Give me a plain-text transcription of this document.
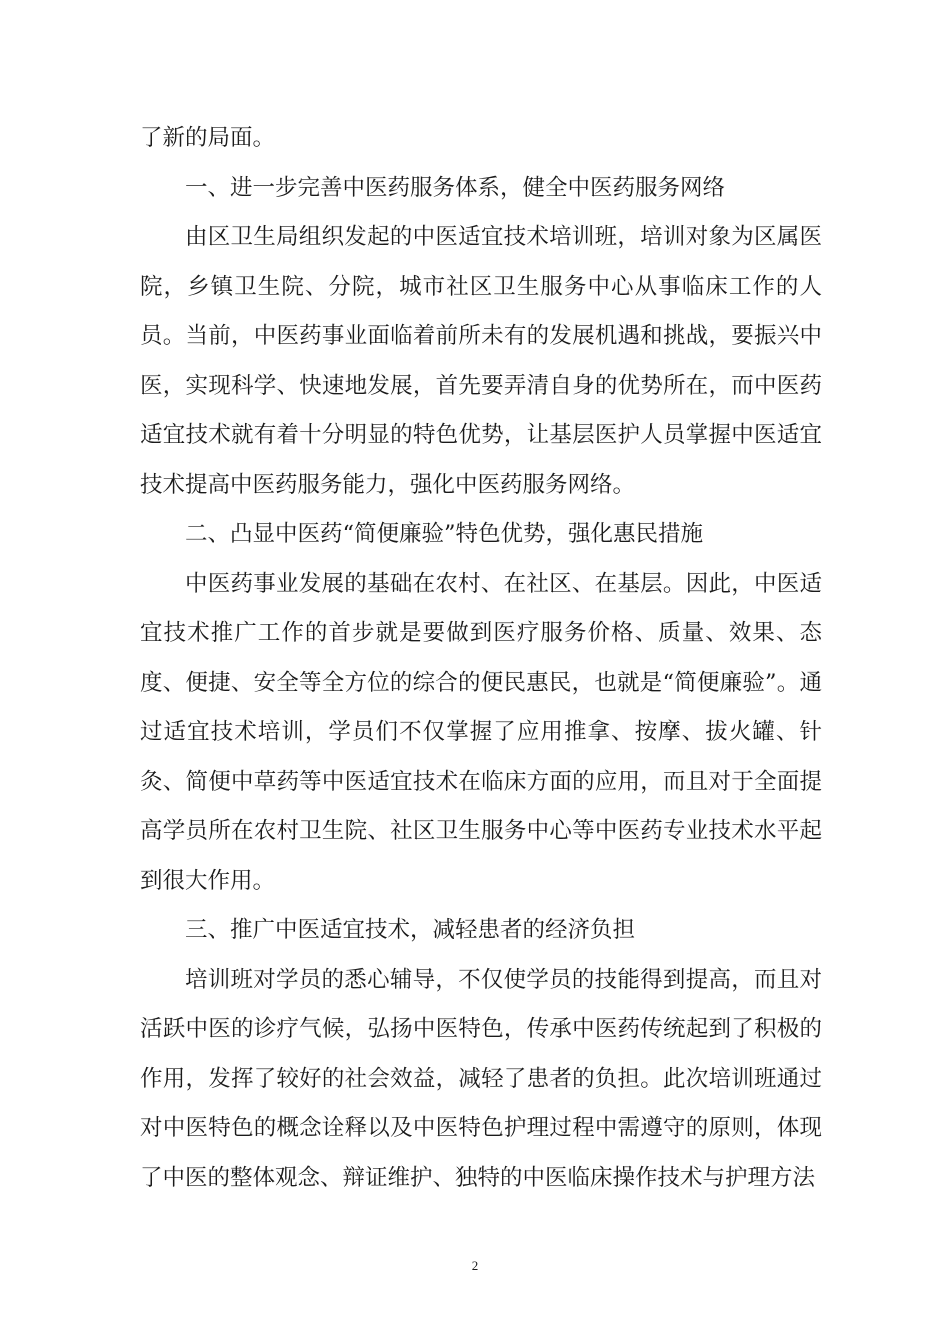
了新的局面。

一、进一步完善中医药服务体系，健全中医药服务网络

由区卫生局组织发起的中医适宜技术培训班，培训对象为区属医院，乡镇卫生院、分院，城市社区卫生服务中心从事临床工作的人员。当前，中医药事业面临着前所未有的发展机遇和挑战，要振兴中医，实现科学、快速地发展，首先要弄清自身的优势所在，而中医药适宜技术就有着十分明显的特色优势，让基层医护人员掌握中医适宜技术提高中医药服务能力，强化中医药服务网络。

二、凸显中医药“简便廉验”特色优势，强化惠民措施

中医药事业发展的基础在农村、在社区、在基层。因此，中医适宜技术推广工作的首步就是要做到医疗服务价格、质量、效果、态度、便捷、安全等全方位的综合的便民惠民，也就是“简便廉验”。通过适宜技术培训，学员们不仅掌握了应用推拿、按摩、拔火罐、针灸、简便中草药等中医适宜技术在临床方面的应用，而且对于全面提高学员所在农村卫生院、社区卫生服务中心等中医药专业技术水平起到很大作用。

三、推广中医适宜技术，减轻患者的经济负担

培训班对学员的悉心辅导，不仅使学员的技能得到提高，而且对活跃中医的诊疗气候，弘扬中医特色，传承中医药传统起到了积极的作用，发挥了较好的社会效益，减轻了患者的负担。此次培训班通过对中医特色的概念诠释以及中医特色护理过程中需遵守的原则，体现了中医的整体观念、辩证维护、独特的中医临床操作技术与护理方法

2
